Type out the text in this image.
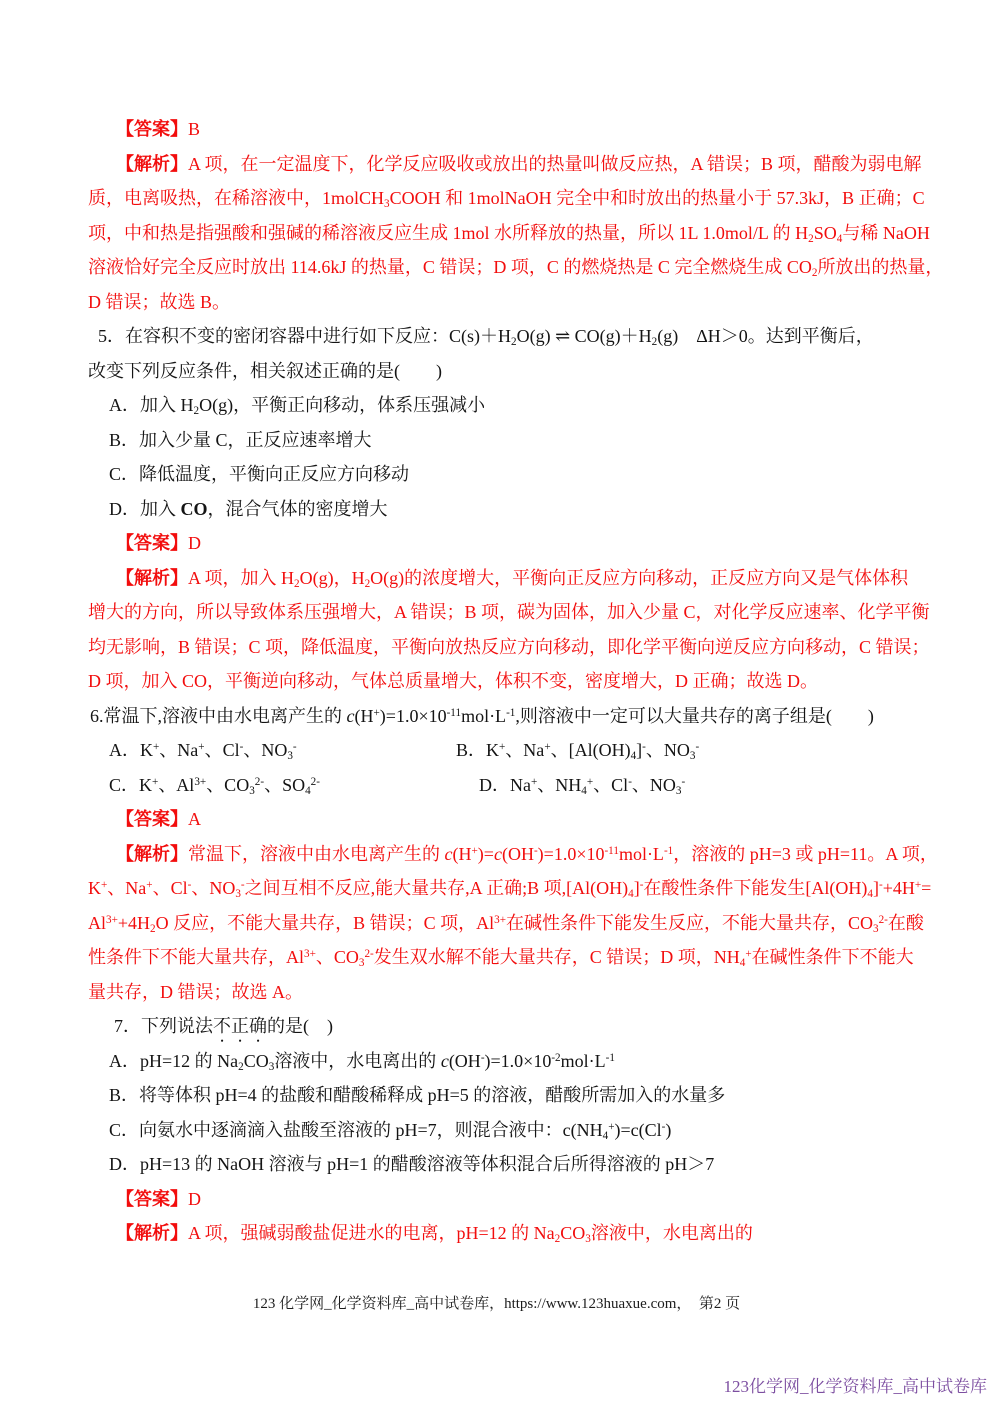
【答案】B
【解析】A 项，在一定温度下，化学反应吸收或放出的热量叫做反应热，A 错误；B 项，醋酸为弱电解
质，电离吸热，在稀溶液中，1molCH$_3$COOH 和 1molNaOH 完全中和时放出的热量小于 57.3kJ，B 正确；C
项，中和热是指强酸和强碱的稀溶液反应生成 1mol 水所释放的热量，所以 1L 1.0mol/L 的 $H_2SO_4$与稀 NaOH
溶液恰好完全反应时放出 114.6kJ 的热量，C 错误；D 项，C 的燃烧热是 C 完全燃烧生成 $CO_2$所放出的热量，
D 错误；故选 B。
5．在容积不变的密闭容器中进行如下反应：$C(s)+H_2O(g)$ ⇌ $CO(g)+H_2(g)$　ΔH＞0。达到平衡后，
改变下列反应条件，相关叙述正确的是(　　)
A．加入 $H_2O(g)$，平衡正向移动，体系压强减小
B．加入少量 C，正反应速率增大
C．降低温度，平衡向正反应方向移动
D．加入 CO，混合气体的密度增大
【答案】D
【解析】A 项，加入 $H_2O(g)$，$H_2O(g)$的浓度增大，平衡向正反应方向移动，正反应方向又是气体体积
增大的方向，所以导致体系压强增大，A 错误；B 项，碳为固体，加入少量 C，对化学反应速率、化学平衡
均无影响，B 错误；C 项，降低温度，平衡向放热反应方向移动，即化学平衡向逆反应方向移动，C 错误；
D 项，加入 CO，平衡逆向移动，气体总质量增大，体积不变，密度增大，D 正确；故选 D。
6.常温下,溶液中由水电离产生的 $c(H^+)=1.0\times 10^{-11}mol\cdot L^{-1}$,则溶液中一定可以大量共存的离子组是(　　)
A．K+、Na+、Cl-、$NO_3^-$	B．K+、Na+、$[Al(OH)_4]^-$、$NO_3^-$
C．K+、$Al^{3+}$、$CO_3^{2-}$、$SO_4^{2-}$	D．Na+、$NH_4^+$、Cl-、$NO_3^-$
【答案】A
【解析】常温下，溶液中由水电离产生的 $c(H^+)=c(OH^-)=1.0\times 10^{-11}mol\cdot L^{-1}$，溶液的 pH=3 或 pH=11。A 项，
K+、Na+、Cl-、$NO_3^-$之间互相不反应,能大量共存,A 正确;B 项$,[Al(OH)_4]^-$在酸性条件下能发生$[Al(OH)_4]^-+4H^+=$
$Al^{3+}+4H_2O$ 反应，不能大量共存，B 错误；C 项，$Al^{3+}$在碱性条件下能发生反应，不能大量共存，$CO_3^{2-}$在酸
性条件下不能大量共存，$Al^{3+}$、$CO_3^{2-}$发生双水解不能大量共存，C 错误；D 项，$NH_4^+$在碱性条件下不能大
量共存，D 错误；故选 A。
7．下列说法不正确的是(　)
A．pH=12 的 $Na_2CO_3$溶液中，水电离出的 $c(OH^-)=1.0\times 10^{-2}mol\cdot L^{-1}$
B．将等体积 pH=4 的盐酸和醋酸稀释成 pH=5 的溶液，醋酸所需加入的水量多
C．向氨水中逐滴滴入盐酸至溶液的 pH=7，则混合液中：$c(NH_4^+)=c(Cl^-)$
D．pH=13 的 NaOH 溶液与 pH=1 的醋酸溶液等体积混合后所得溶液的 pH＞7
【答案】D
【解析】A 项，强碱弱酸盐促进水的电离，pH=12 的 $Na_2CO_3$溶液中，水电离出的
123 化学网_化学资料库_高中试卷库，https://www.123huaxue.com，　第2 页
123化学网_化学资料库_高中试卷库
